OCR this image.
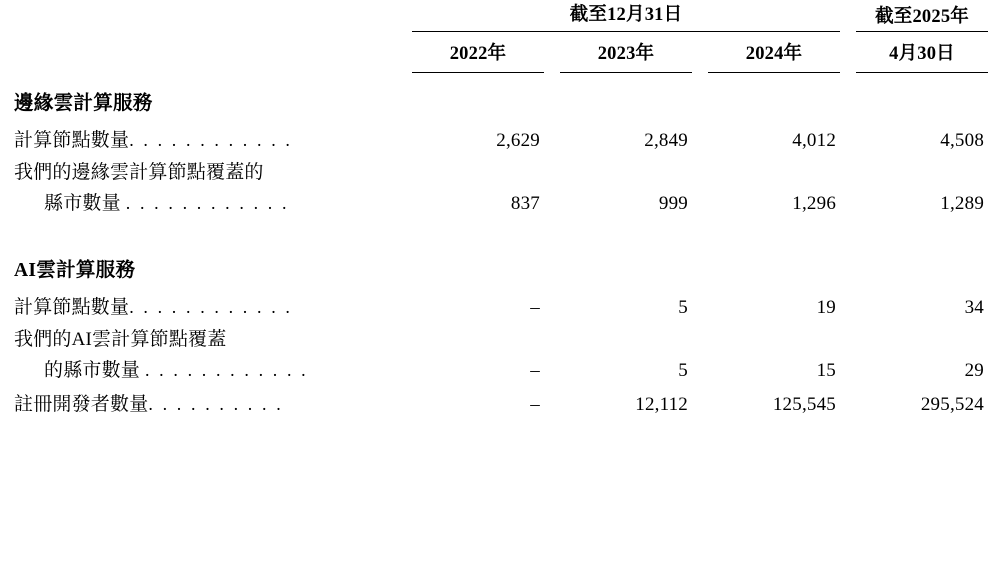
	截至12月31日			截至2025年

	2022年	2023年	2024年	4月30日

邊緣雲計算服務				
計算節點數量. . . . . . . . . . . .	2,629	2,849	4,012	4,508
我們的邊緣雲計算節點覆蓋的				
縣市數量 . . . . . . . . . . . .	837	999	1,296	1,289

AI雲計算服務				
計算節點數量. . . . . . . . . . . .	–	5	19	34
我們的AI雲計算節點覆蓋				
的縣市數量 . . . . . . . . . . . .	–	5	15	29
註冊開發者數量. . . . . . . . . .	–	12,112	125,545	295,524
